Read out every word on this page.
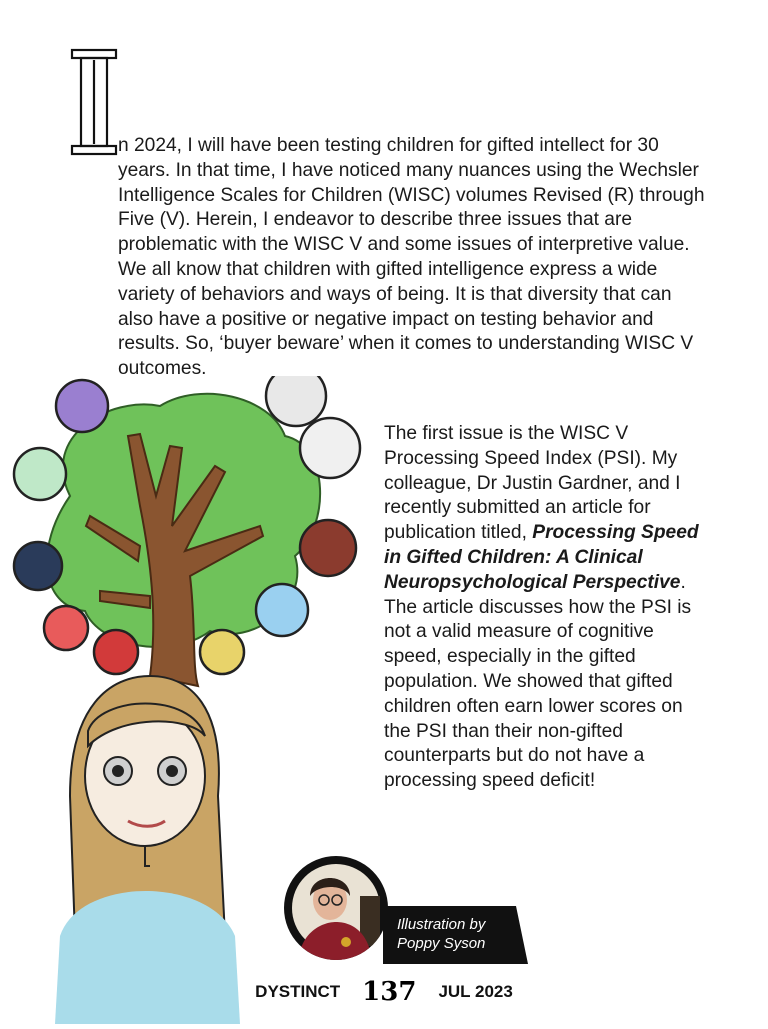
n 2024, I will have been testing children for gifted intellect for 30 years. In that time, I have noticed many nuances using the Wechsler Intelligence Scales for Children (WISC) volumes Revised (R) through Five (V). Herein, I endeavor to describe three issues that are problematic with the WISC V and some issues of interpretive value. We all know that children with gifted intelligence express a wide variety of behaviors and ways of being. It is that diversity that can also have a positive or negative impact on testing behavior and results. So, ‘buyer beware’ when it comes to understanding WISC V outcomes.

The first issue is the WISC V Processing Speed Index (PSI). My colleague, Dr Justin Gardner, and I recently submitted an article for publication titled, Processing Speed in Gifted Children: A Clinical Neuropsychological Perspective. The article discusses how the PSI is not a valid measure of cognitive speed, especially in the gifted population. We showed that gifted children often earn lower scores on the PSI than their non-gifted counterparts but do not have a processing speed deficit!

Illustration by
Poppy Syson
DYSTINCT 137 JUL 2023
